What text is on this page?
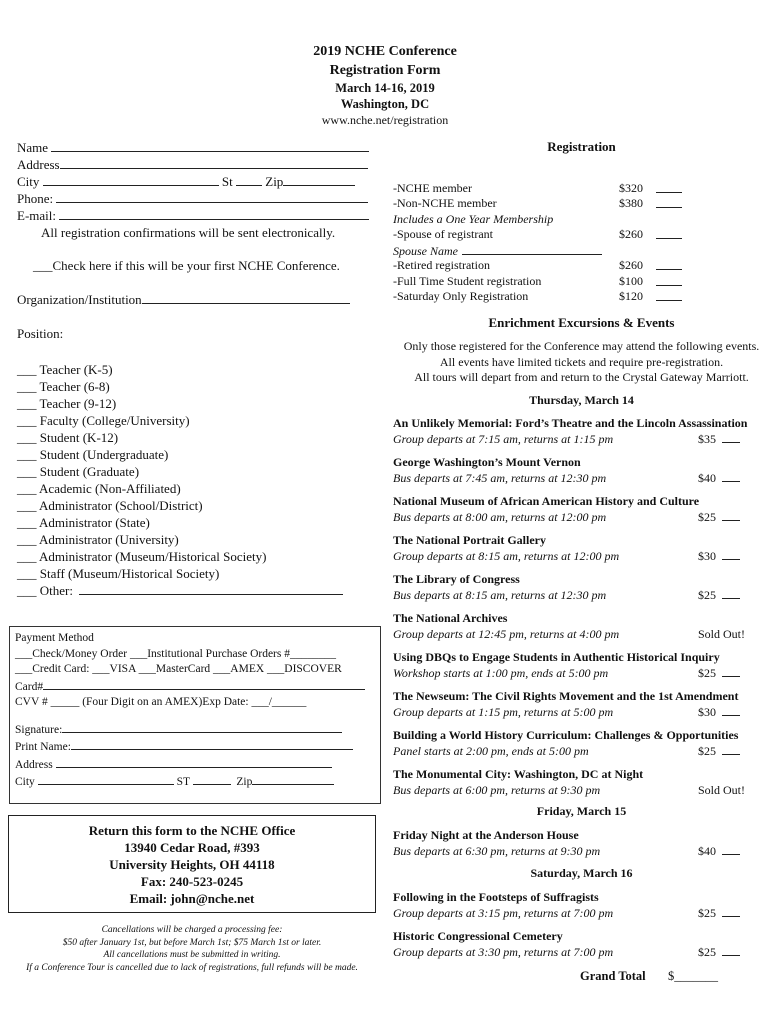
2019 NCHE Conference
Registration Form
March 14-16, 2019
Washington, DC
www.nche.net/registration
Name
Address
City	St	Zip
Phone:
E-mail:
All registration confirmations will be sent electronically.
___Check here if this will be your first NCHE Conference.
Organization/Institution
Position:
___ Teacher (K-5)
___ Teacher (6-8)
___ Teacher (9-12)
___ Faculty (College/University)
___ Student (K-12)
___ Student (Undergraduate)
___ Student (Graduate)
___ Academic (Non-Affiliated)
___ Administrator (School/District)
___ Administrator (State)
___ Administrator (University)
___ Administrator (Museum/Historical Society)
___ Staff (Museum/Historical Society)
___ Other:
Payment Method
___Check/Money Order ___Institutional Purchase Orders #________
___Credit Card: ___VISA ___MasterCard ___AMEX ___DISCOVER
Card#
CVV # _____ (Four Digit on an AMEX)Exp Date: ___/______
Signature:
Print Name:
Address
City	ST	Zip
Return this form to the NCHE Office
13940 Cedar Road, #393
University Heights, OH 44118
Fax: 240-523-0245
Email: john@nche.net
Cancellations will be charged a processing fee:
$50 after January 1st, but before March 1st; $75 March 1st or later.
All cancellations must be submitted in writing.
If a Conference Tour is cancelled due to lack of registrations, full refunds will be made.
Registration
-NCHE member	$320
-Non-NCHE member	$380
Includes a One Year Membership
-Spouse of registrant	$260
Spouse Name
-Retired registration	$260
-Full Time Student registration	$100
-Saturday Only Registration	$120
Enrichment Excursions & Events
Only those registered for the Conference may attend the following events.
All events have limited tickets and require pre-registration.
All tours will depart from and return to the Crystal Gateway Marriott.
Thursday, March 14
Friday, March 15
Saturday, March 16
An Unlikely Memorial: Ford’s Theatre and the Lincoln Assassination
Group departs at 7:15 am, returns at 1:15 pm	$35
George Washington’s Mount Vernon
Bus departs at 7:45 am, returns at 12:30 pm	$40
National Museum of African American History and Culture
Bus departs at 8:00 am, returns at 12:00 pm	$25
The National Portrait Gallery
Group departs at 8:15 am, returns at 12:00 pm	$30
The Library of Congress
Bus departs at 8:15 am, returns at 12:30 pm	$25
The National Archives
Group departs at 12:45 pm, returns at 4:00 pm	Sold Out!
Using DBQs to Engage Students in Authentic Historical Inquiry
Workshop starts at 1:00 pm, ends at 5:00 pm	$25
The Newseum: The Civil Rights Movement and the 1st Amendment
Group departs at 1:15 pm, returns at 5:00 pm	$30
Building a World History Curriculum: Challenges & Opportunities
Panel starts at 2:00 pm, ends at 5:00 pm	$25
The Monumental City: Washington, DC at Night
Bus departs at 6:00 pm, returns at 9:30 pm	Sold Out!
Friday Night at the Anderson House
Bus departs at 6:30 pm, returns at 9:30 pm	$40
Following in the Footsteps of Suffragists
Group departs at 3:15 pm, returns at 7:00 pm	$25
Historic Congressional Cemetery
Group departs at 3:30 pm, returns at 7:00 pm	$25
Grand Total $_______
